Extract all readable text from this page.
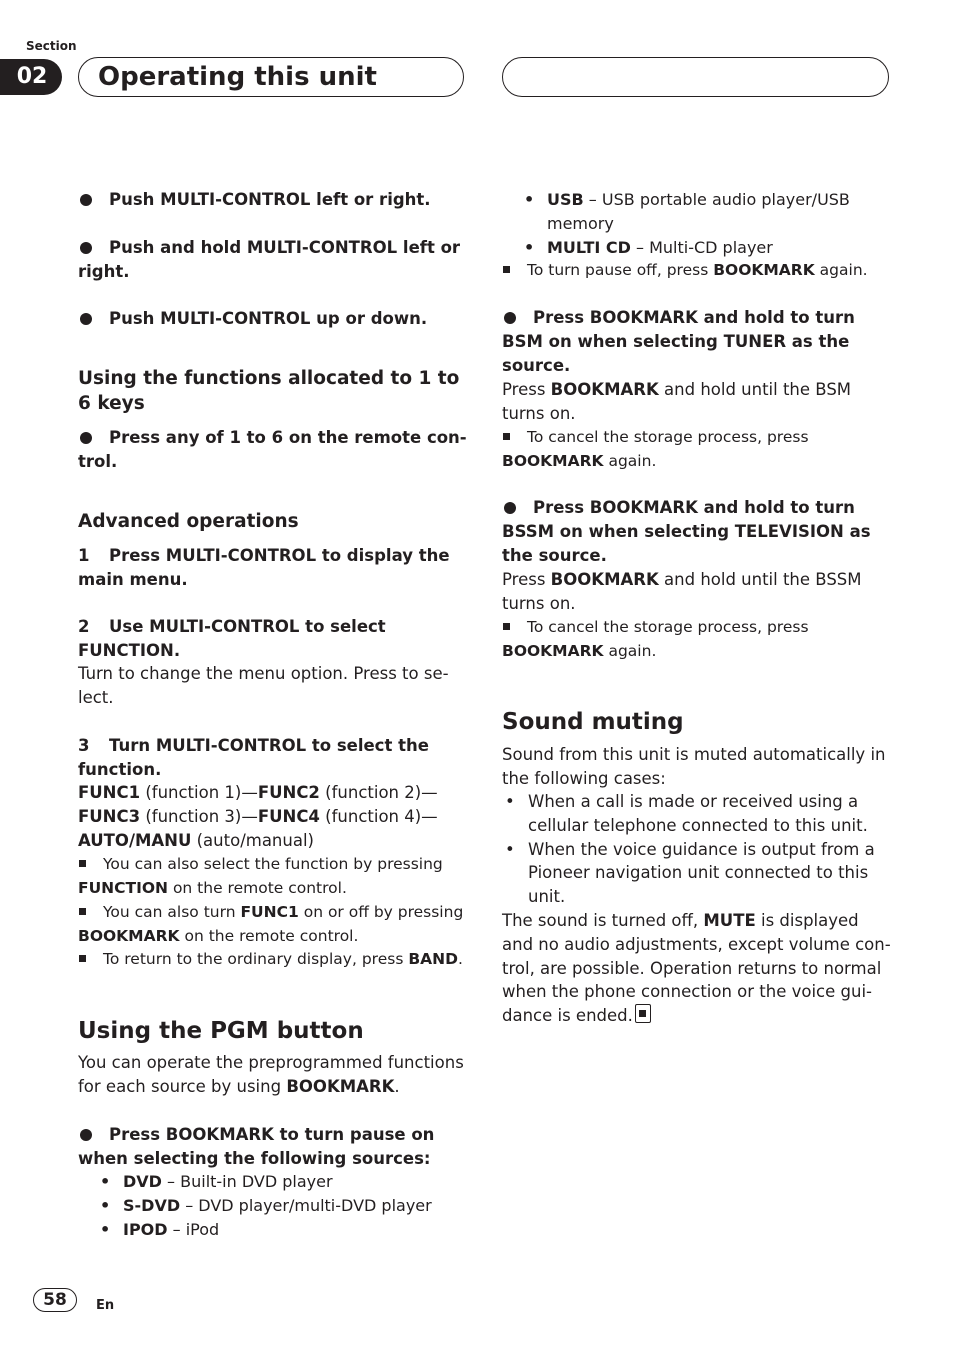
Section
02	Operating this unit

Push MULTI-CONTROL left or right.

Push and hold MULTI-CONTROL left or right.

Push MULTI-CONTROL up or down.

Using the functions allocated to 1 to 6 keys

Press any of 1 to 6 on the remote con-trol.

Advanced operations

1 Press MULTI-CONTROL to display the main menu.

2 Use MULTI-CONTROL to select FUNCTION.

Turn to change the menu option. Press to se-lect.

3 Turn MULTI-CONTROL to select the function.

FUNC1 (function 1)—FUNC2 (function 2)—
FUNC3 (function 3)—FUNC4 (function 4)—
AUTO/MANU (auto/manual)

You can also select the function by pressing
FUNCTION on the remote control.

You can also turn FUNC1 on or off by pressing
BOOKMARK on the remote control.

To return to the ordinary display, press BAND.

Using the PGM button

You can operate the preprogrammed functions for each source by using BOOKMARK.

Press BOOKMARK to turn pause on when selecting the following sources:

• DVD – Built-in DVD player

• S-DVD – DVD player/multi-DVD player

• IPOD – iPod

• USB – USB portable audio player/USB memory

• MULTI CD – Multi-CD player

To turn pause off, press BOOKMARK again.

Press BOOKMARK and hold to turn BSM on when selecting TUNER as the source.

Press BOOKMARK and hold until the BSM turns on.

To cancel the storage process, press
BOOKMARK again.

Press BOOKMARK and hold to turn BSSM on when selecting TELEVISION as the source.

Press BOOKMARK and hold until the BSSM turns on.

To cancel the storage process, press
BOOKMARK again.

Sound muting

Sound from this unit is muted automatically in the following cases:

• When a call is made or received using a cellular telephone connected to this unit.

• When the voice guidance is output from a Pioneer navigation unit connected to this unit.

The sound is turned off, MUTE is displayed and no audio adjustments, except volume con-trol, are possible. Operation returns to normal when the phone connection or the voice gui-dance is ended.

58	En
